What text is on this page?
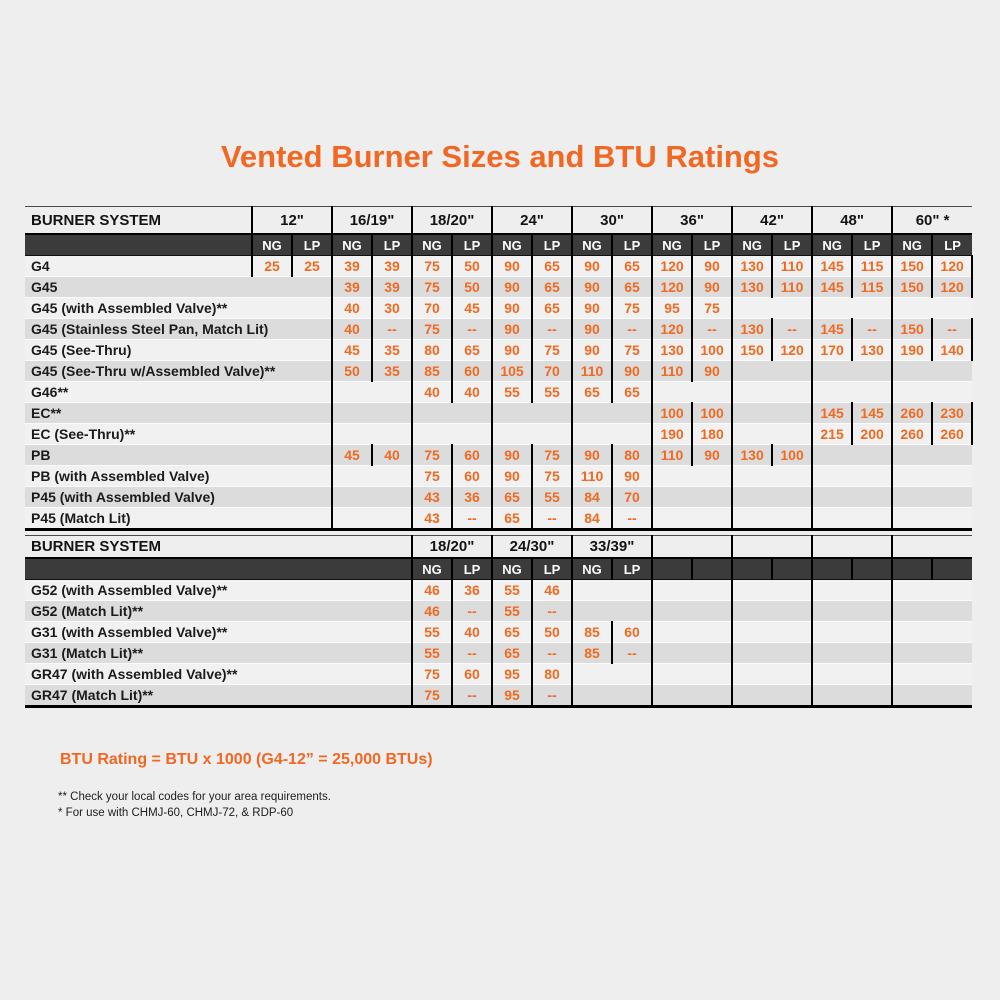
Vented Burner Sizes and BTU Ratings
BURNER SYSTEM	12"		16/19"		18/20"		24"		30"		36"		42"		48"		60" *	
	NG	LP	NG	LP	NG	LP	NG	LP	NG	LP	NG	LP	NG	LP	NG	LP	NG	LP
G4	25	25	39	39	75	50	90	65	90	65	120	90	130	110	145	115	150	120
G45			39	39	75	50	90	65	90	65	120	90	130	110	145	115	150	120
G45 (with Assembled Valve)**			40	30	70	45	90	65	90	75	95	75						
G45 (Stainless Steel Pan, Match Lit)			40	--	75	--	90	--	90	--	120	--	130	--	145	--	150	--
G45 (See-Thru)			45	35	80	65	90	75	90	75	130	100	150	120	170	130	190	140
G45 (See-Thru w/Assembled Valve)**			50	35	85	60	105	70	110	90	110	90						
G46**					40	40	55	55	65	65								
EC**											100	100			145	145	260	230
EC (See-Thru)**											190	180			215	200	260	260
PB			45	40	75	60	90	75	90	80	110	90	130	100				
PB (with Assembled Valve)					75	60	90	75	110	90								
P45 (with Assembled Valve)					43	36	65	55	84	70								
P45 (Match Lit)					43	--	65	--	84	--								
BURNER SYSTEM	18/20"		24/30"		33/39"									
	NG	LP	NG	LP	NG	LP								
G52 (with Assembled Valve)**	46	36	55	46										
G52 (Match Lit)**	46	--	55	--										
G31 (with Assembled Valve)**	55	40	65	50	85	60								
G31 (Match Lit)**	55	--	65	--	85	--								
GR47 (with Assembled Valve)**	75	60	95	80										
GR47 (Match Lit)**	75	--	95	--										
BTU Rating = BTU x 1000 (G4-12” = 25,000 BTUs)
** Check your local codes for your area requirements.
* For use with CHMJ-60, CHMJ-72, & RDP-60
